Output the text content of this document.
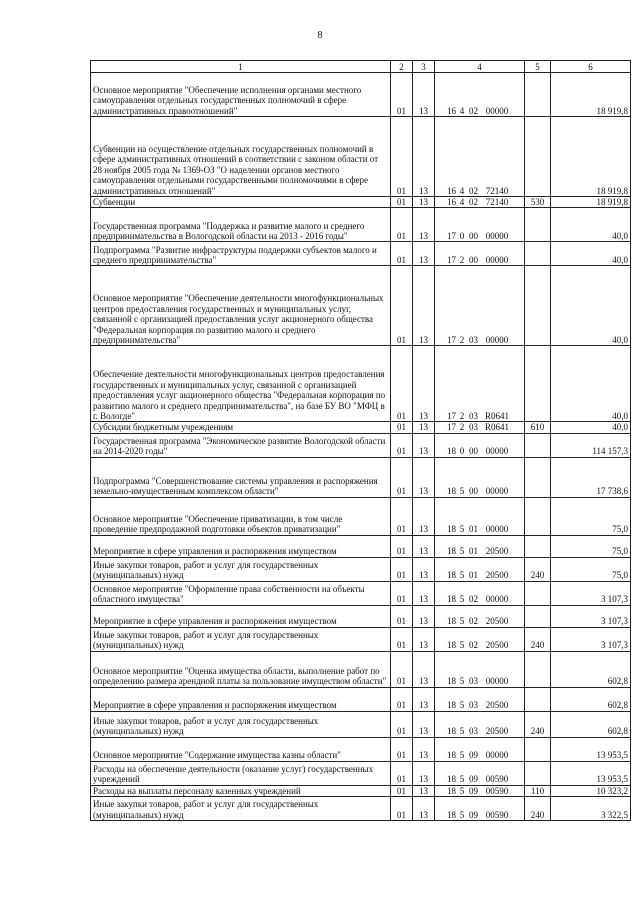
8
1	2	3	4	5	6
Основное мероприятие "Обеспечение исполнения органами местного самоуправления отдельных государственных полномочий в сфере административных правоотношений"	01	13	16 4 02 00000		18 919,8
Субвенции на осуществление отдельных государственных полномочий в сфере административных отношений в соответствии с законом области от 28 ноября 2005 года № 1369-ОЗ "О наделении органов местного самоуправления отдельными государственными полномочиями в сфере административных отношений"	01	13	16 4 02 72140		18 919,8
Субвенции	01	13	16 4 02 72140	530	18 919,8
Государственная программа "Поддержка и развитие малого и среднего предпринимательства в Вологодской области на 2013 - 2016 годы"	01	13	17 0 00 00000		40,0
Подпрограмма "Развитие инфраструктуры поддержки субъектов малого и среднего предпринимательства"	01	13	17 2 00 00000		40,0
Основное мероприятие "Обеспечение деятельности многофункциональных центров предоставления государственных и муниципальных услуг, связанной с организацией предоставления услуг акционерного общества "Федеральная корпорация по развитию малого и среднего предпринимательства"	01	13	17 2 03 00000		40,0
Обеспечение деятельности многофункциональных центров предоставления государственных и муниципальных услуг, связанной с организацией предоставления услуг акционерного общества "Федеральная корпорация по развитию малого и среднего предпринимательства", на базе БУ ВО "МФЦ в г. Вологде"	01	13	17 2 03 R0641		40,0
Субсидии бюджетным учреждениям	01	13	17 2 03 R0641	610	40,0
Государственная программа "Экономическое развитие Вологодской области на 2014-2020 годы"	01	13	18 0 00 00000		114 157,3
Подпрограмма "Совершенствование системы управления и распоряжения земельно-имущественным комплексом области"	01	13	18 5 00 00000		17 738,6
Основное мероприятие "Обеспечение приватизации, в том числе проведение предпродажной подготовки объектов приватизации"	01	13	18 5 01 00000		75,0
Мероприятие в сфере управления и распоряжения имуществом	01	13	18 5 01 20500		75,0
Иные закупки товаров, работ и услуг для государственных (муниципальных) нужд	01	13	18 5 01 20500	240	75,0
Основное мероприятие "Оформление права собственности на объекты областного имущества"	01	13	18 5 02 00000		3 107,3
Мероприятие в сфере управления и распоряжения имуществом	01	13	18 5 02 20500		3 107,3
Иные закупки товаров, работ и услуг для государственных (муниципальных) нужд	01	13	18 5 02 20500	240	3 107,3
Основное мероприятие "Оценка имущества области, выполнение работ по определению размера арендной платы за пользование имуществом области"	01	13	18 5 03 00000		602,8
Мероприятие в сфере управления и распоряжения имуществом	01	13	18 5 03 20500		602,8
Иные закупки товаров, работ и услуг для государственных (муниципальных) нужд	01	13	18 5 03 20500	240	602,8
Основное мероприятие "Содержание имущества казны области"	01	13	18 5 09 00000		13 953,5
Расходы на обеспечение деятельности (оказание услуг) государственных учреждений	01	13	18 5 09 00590		13 953,5
Расходы на выплаты персоналу казенных учреждений	01	13	18 5 09 00590	110	10 323,2
Иные закупки товаров, работ и услуг для государственных (муниципальных) нужд	01	13	18 5 09 00590	240	3 322,5
